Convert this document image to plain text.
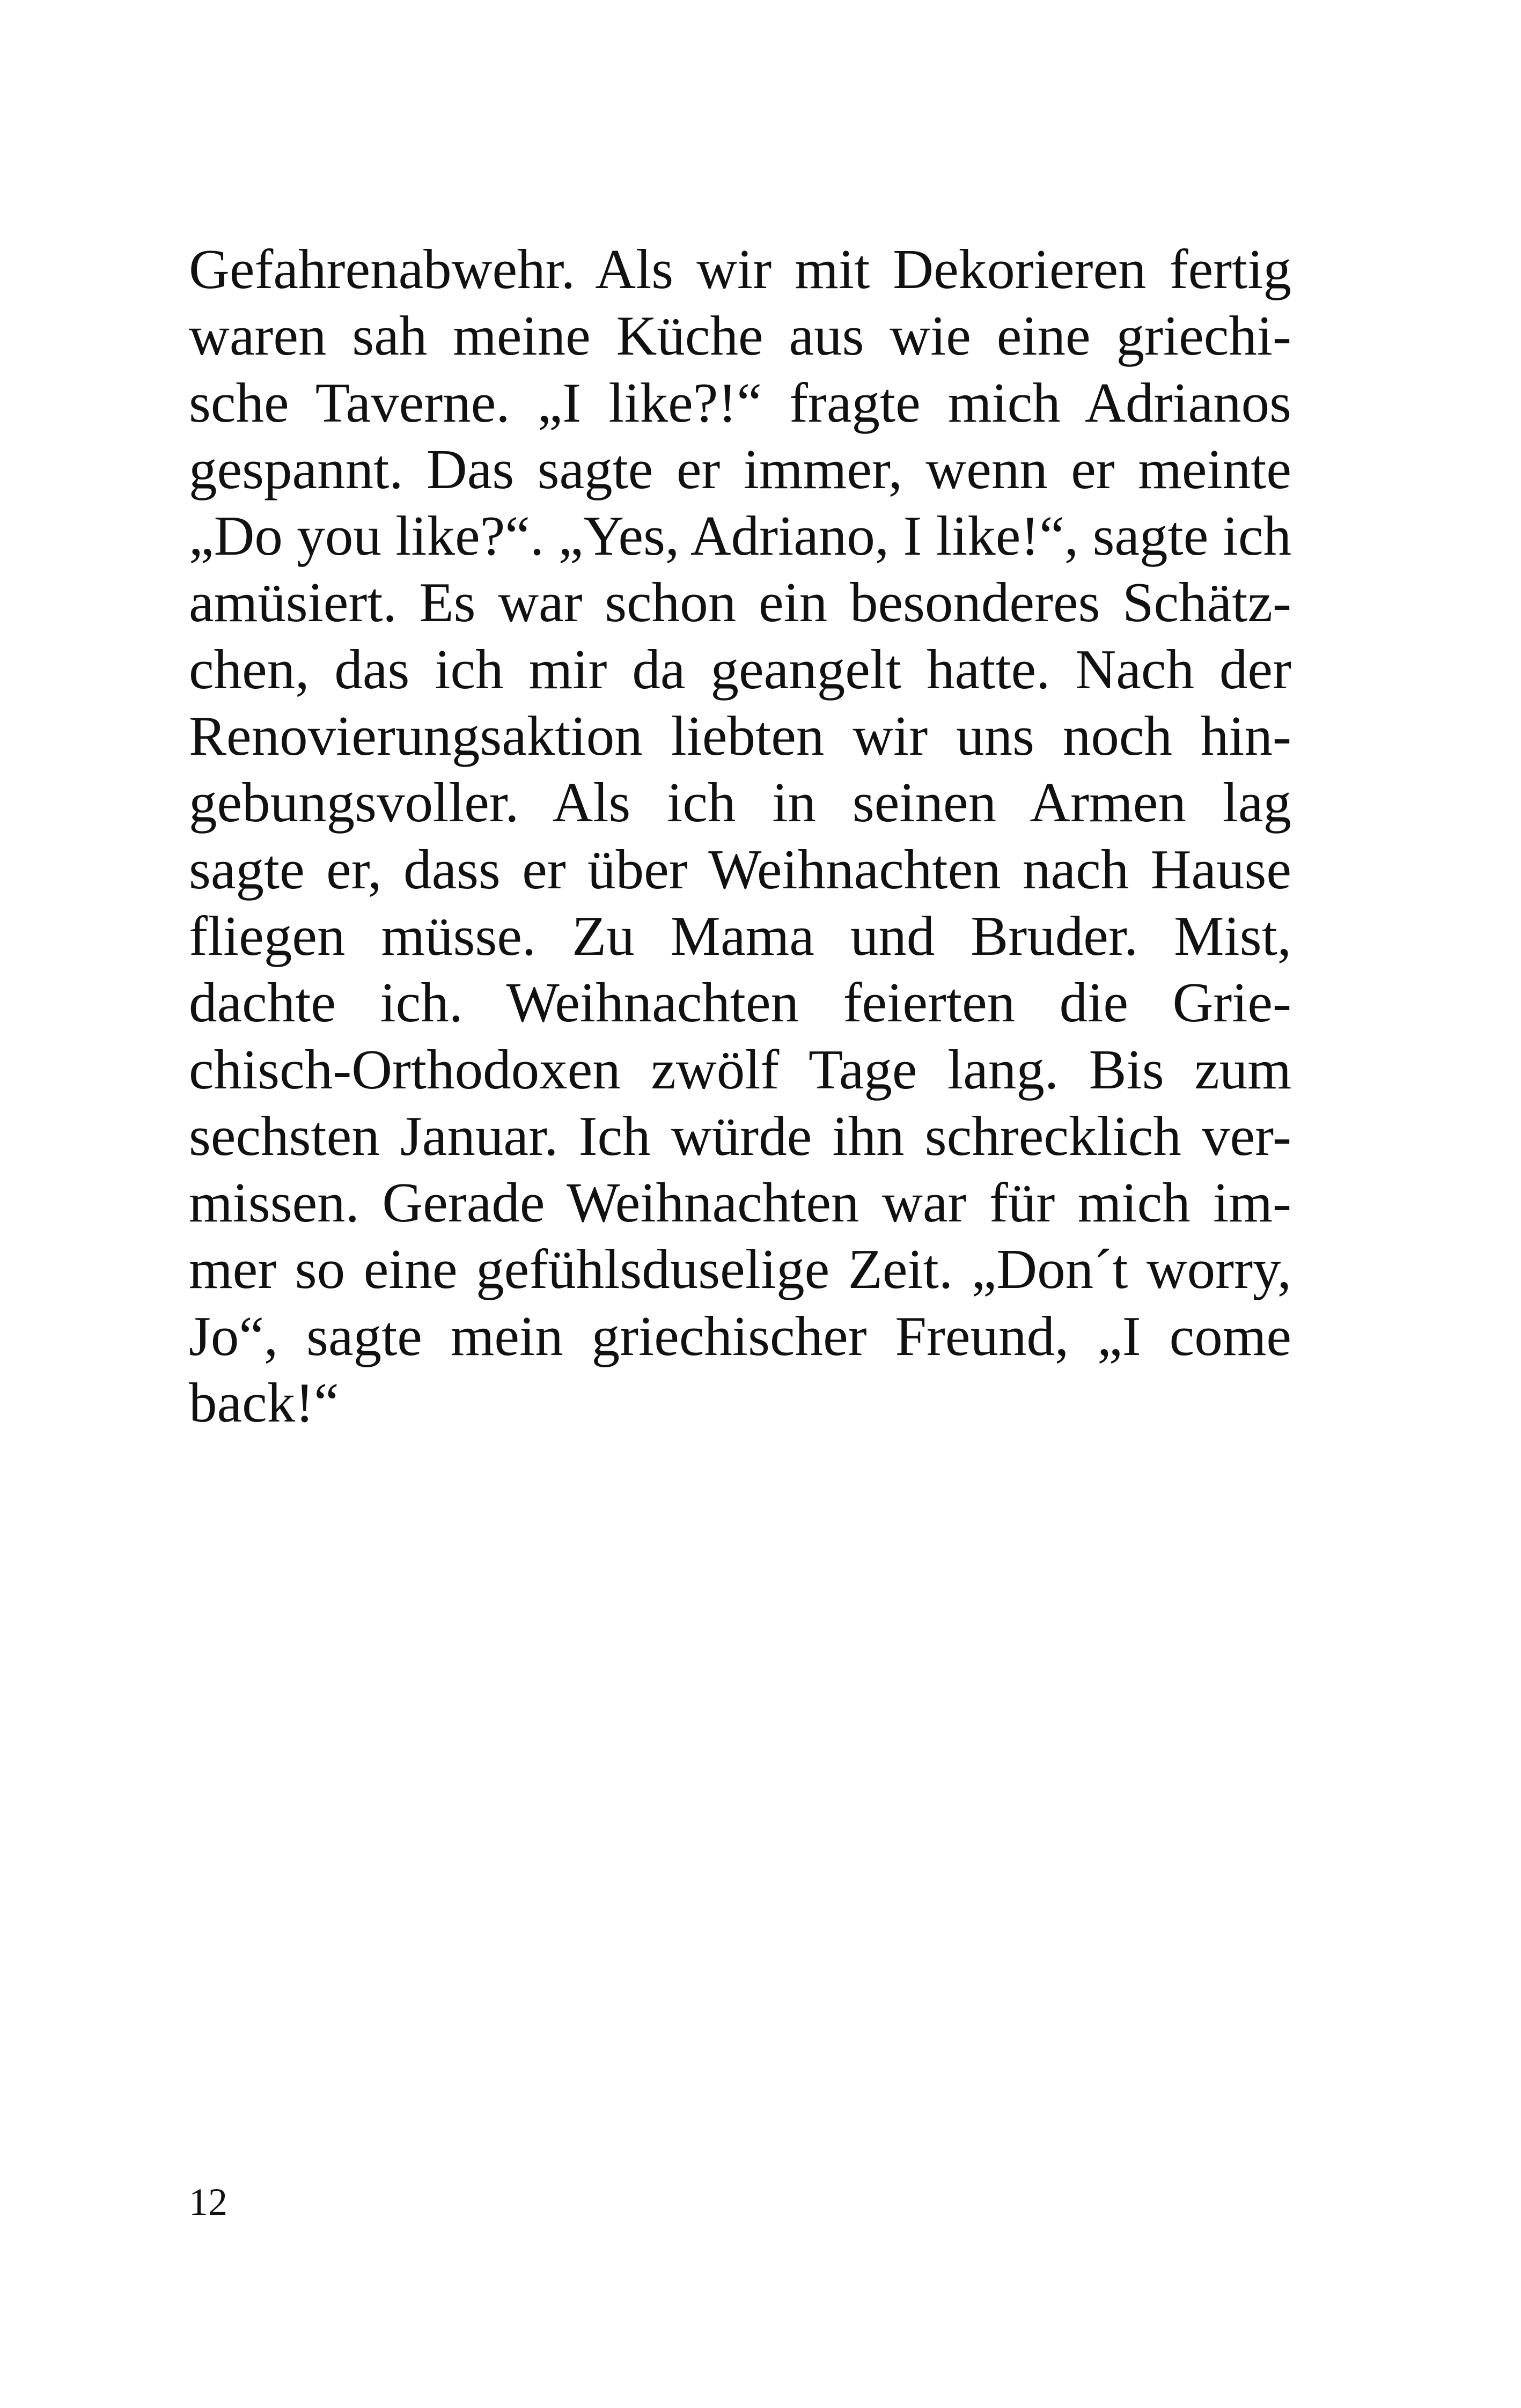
Gefahrenabwehr. Als wir mit Dekorieren fertig
waren sah meine Küche aus wie eine griechi-
sche Taverne. „I like?!“ fragte mich Adrianos
gespannt. Das sagte er immer, wenn er meinte
„Do you like?“. „Yes, Adriano, I like!“, sagte ich
amüsiert. Es war schon ein besonderes Schätz-
chen, das ich mir da geangelt hatte. Nach der
Renovierungsaktion liebten wir uns noch hin-
gebungsvoller. Als ich in seinen Armen lag
sagte er, dass er über Weihnachten nach Hause
fliegen müsse. Zu Mama und Bruder. Mist,
dachte ich. Weihnachten feierten die Grie-
chisch-Orthodoxen zwölf Tage lang. Bis zum
sechsten Januar. Ich würde ihn schrecklich ver-
missen. Gerade Weihnachten war für mich im-
mer so eine gefühlsduselige Zeit. „Don´t worry,
Jo“, sagte mein griechischer Freund, „I come
back!“

12
